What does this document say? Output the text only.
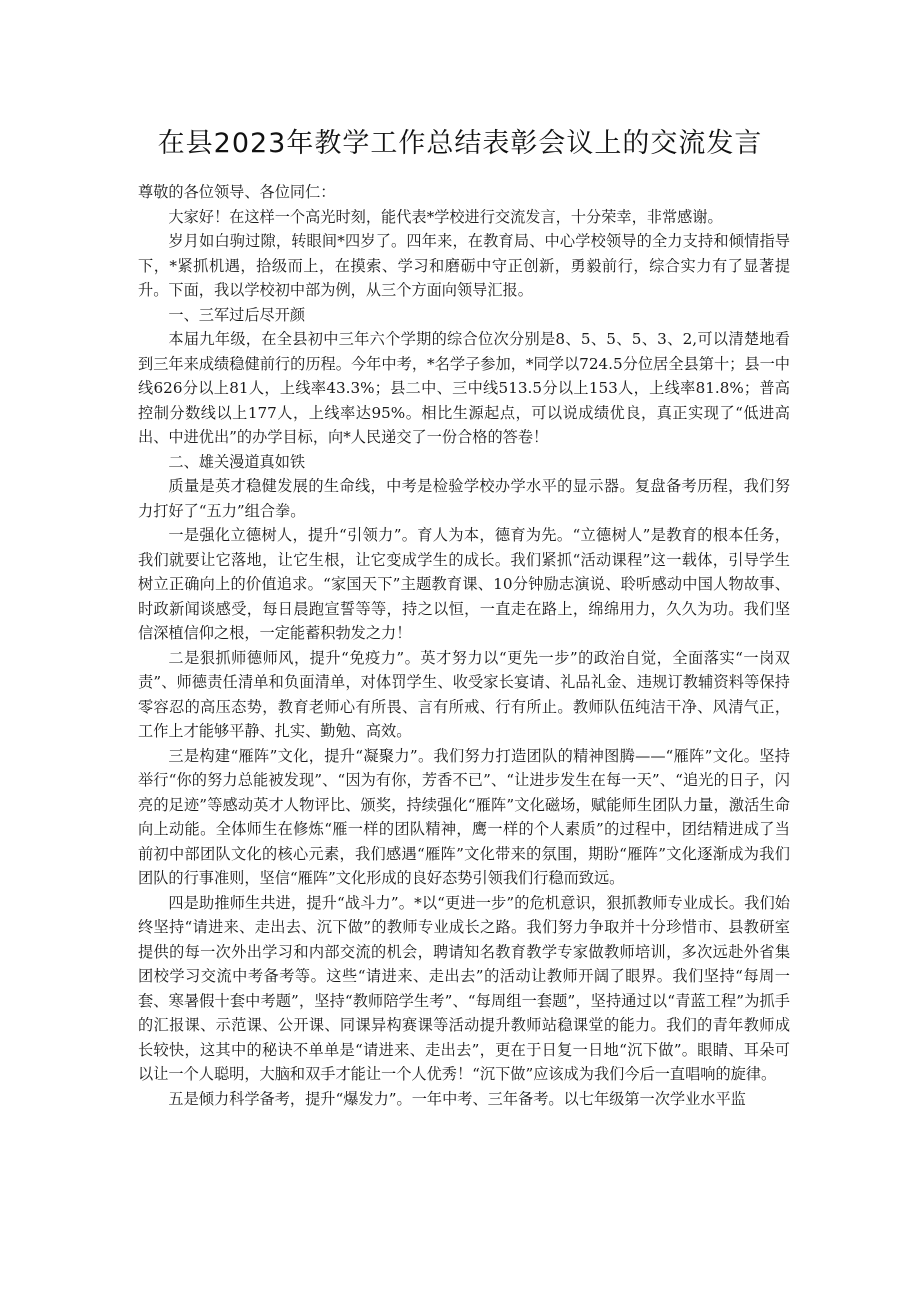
在县2023年教学工作总结表彰会议上的交流发言

尊敬的各位领导、各位同仁：

大家好！在这样一个高光时刻，能代表*学校进行交流发言，十分荣幸，非常感谢。

岁月如白驹过隙，转眼间*四岁了。四年来，在教育局、中心学校领导的全力支持和倾情指导下，*紧抓机遇，拾级而上，在摸索、学习和磨砺中守正创新，勇毅前行，综合实力有了显著提升。下面，我以学校初中部为例，从三个方面向领导汇报。

一、三军过后尽开颜

本届九年级，在全县初中三年六个学期的综合位次分别是8、5、5、5、3、2,可以清楚地看到三年来成绩稳健前行的历程。今年中考，*名学子参加，*同学以724.5分位居全县第十；县一中线626分以上81人，上线率43.3%；县二中、三中线513.5分以上153人，上线率81.8%；普高控制分数线以上177人，上线率达95%。相比生源起点，可以说成绩优良，真正实现了“低进高出、中进优出”的办学目标，向*人民递交了一份合格的答卷！

二、雄关漫道真如铁

质量是英才稳健发展的生命线，中考是检验学校办学水平的显示器。复盘备考历程，我们努力打好了“五力”组合拳。

一是强化立德树人，提升“引领力”。育人为本，德育为先。“立德树人”是教育的根本任务，我们就要让它落地，让它生根，让它变成学生的成长。我们紧抓“活动课程”这一载体，引导学生树立正确向上的价值追求。“家国天下”主题教育课、10分钟励志演说、聆听感动中国人物故事、时政新闻谈感受，每日晨跑宣誓等等，持之以恒，一直走在路上，绵绵用力，久久为功。我们坚信深植信仰之根，一定能蓄积勃发之力！

二是狠抓师德师风，提升“免疫力”。英才努力以“更先一步”的政治自觉，全面落实“一岗双责”、师德责任清单和负面清单，对体罚学生、收受家长宴请、礼品礼金、违规订教辅资料等保持零容忍的高压态势，教育老师心有所畏、言有所戒、行有所止。教师队伍纯洁干净、风清气正，工作上才能够平静、扎实、勤勉、高效。

三是构建“雁阵”文化，提升“凝聚力”。我们努力打造团队的精神图腾——“雁阵”文化。坚持举行“你的努力总能被发现”、“因为有你，芳香不已”、“让进步发生在每一天”、“追光的日子，闪亮的足迹”等感动英才人物评比、颁奖，持续强化“雁阵”文化磁场，赋能师生团队力量，激活生命向上动能。全体师生在修炼“雁一样的团队精神，鹰一样的个人素质”的过程中，团结精进成了当前初中部团队文化的核心元素，我们感遇“雁阵”文化带来的氛围，期盼“雁阵”文化逐渐成为我们团队的行事准则，坚信“雁阵”文化形成的良好态势引领我们行稳而致远。

四是助推师生共进，提升“战斗力”。*以“更进一步”的危机意识，狠抓教师专业成长。我们始终坚持“请进来、走出去、沉下做”的教师专业成长之路。我们努力争取并十分珍惜市、县教研室提供的每一次外出学习和内部交流的机会，聘请知名教育教学专家做教师培训，多次远赴外省集团校学习交流中考备考等。这些“请进来、走出去”的活动让教师开阔了眼界。我们坚持“每周一套、寒暑假十套中考题”，坚持“教师陪学生考”、“每周组一套题”，坚持通过以“青蓝工程”为抓手的汇报课、示范课、公开课、同课异构赛课等活动提升教师站稳课堂的能力。我们的青年教师成长较快，这其中的秘诀不单单是“请进来、走出去”，更在于日复一日地“沉下做”。眼睛、耳朵可以让一个人聪明，大脑和双手才能让一个人优秀！“沉下做”应该成为我们今后一直唱响的旋律。

五是倾力科学备考，提升“爆发力”。一年中考、三年备考。以七年级第一次学业水平监
